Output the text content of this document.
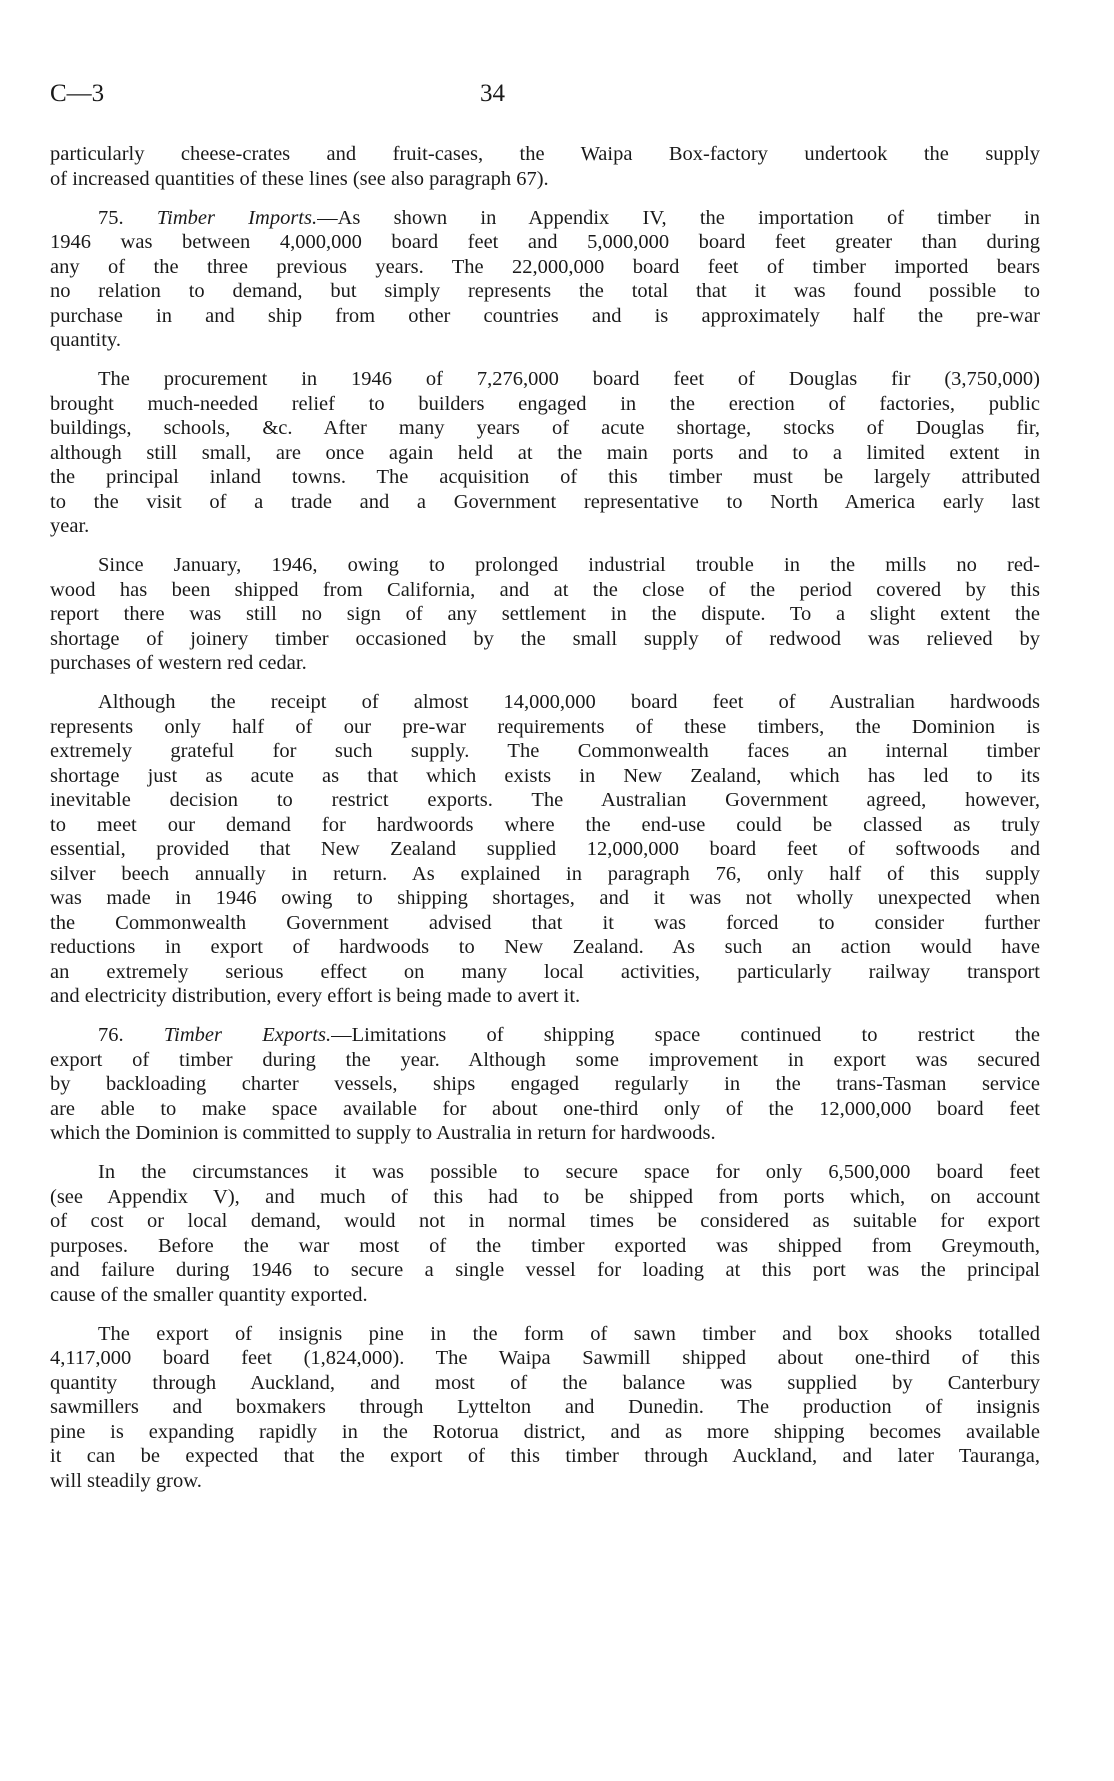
C—3	34
particularly cheese-crates and fruit-cases, the Waipa Box-factory undertook the supply
of increased quantities of these lines (see also paragraph 67).
75. Timber Imports.—As shown in Appendix IV, the importation of timber in
1946 was between 4,000,000 board feet and 5,000,000 board feet greater than during
any of the three previous years. The 22,000,000 board feet of timber imported bears
no relation to demand, but simply represents the total that it was found possible to
purchase in and ship from other countries and is approximately half the pre-war
quantity.
The procurement in 1946 of 7,276,000 board feet of Douglas fir (3,750,000)
brought much-needed relief to builders engaged in the erection of factories, public
buildings, schools, &c. After many years of acute shortage, stocks of Douglas fir,
although still small, are once again held at the main ports and to a limited extent in
the principal inland towns. The acquisition of this timber must be largely attributed
to the visit of a trade and a Government representative to North America early last
year.
Since January, 1946, owing to prolonged industrial trouble in the mills no red-
wood has been shipped from California, and at the close of the period covered by this
report there was still no sign of any settlement in the dispute. To a slight extent the
shortage of joinery timber occasioned by the small supply of redwood was relieved by
purchases of western red cedar.
Although the receipt of almost 14,000,000 board feet of Australian hardwoods
represents only half of our pre-war requirements of these timbers, the Dominion is
extremely grateful for such supply. The Commonwealth faces an internal timber
shortage just as acute as that which exists in New Zealand, which has led to its
inevitable decision to restrict exports. The Australian Government agreed, however,
to meet our demand for hardwoords where the end-use could be classed as truly
essential, provided that New Zealand supplied 12,000,000 board feet of softwoods and
silver beech annually in return. As explained in paragraph 76, only half of this supply
was made in 1946 owing to shipping shortages, and it was not wholly unexpected when
the Commonwealth Government advised that it was forced to consider further
reductions in export of hardwoods to New Zealand. As such an action would have
an extremely serious effect on many local activities, particularly railway transport
and electricity distribution, every effort is being made to avert it.
76. Timber Exports.—Limitations of shipping space continued to restrict the
export of timber during the year. Although some improvement in export was secured
by backloading charter vessels, ships engaged regularly in the trans-Tasman service
are able to make space available for about one-third only of the 12,000,000 board feet
which the Dominion is committed to supply to Australia in return for hardwoods.
In the circumstances it was possible to secure space for only 6,500,000 board feet
(see Appendix V), and much of this had to be shipped from ports which, on account
of cost or local demand, would not in normal times be considered as suitable for export
purposes. Before the war most of the timber exported was shipped from Greymouth,
and failure during 1946 to secure a single vessel for loading at this port was the principal
cause of the smaller quantity exported.
The export of insignis pine in the form of sawn timber and box shooks totalled
4,117,000 board feet (1,824,000). The Waipa Sawmill shipped about one-third of this
quantity through Auckland, and most of the balance was supplied by Canterbury
sawmillers and boxmakers through Lyttelton and Dunedin. The production of insignis
pine is expanding rapidly in the Rotorua district, and as more shipping becomes available
it can be expected that the export of this timber through Auckland, and later Tauranga,
will steadily grow.
